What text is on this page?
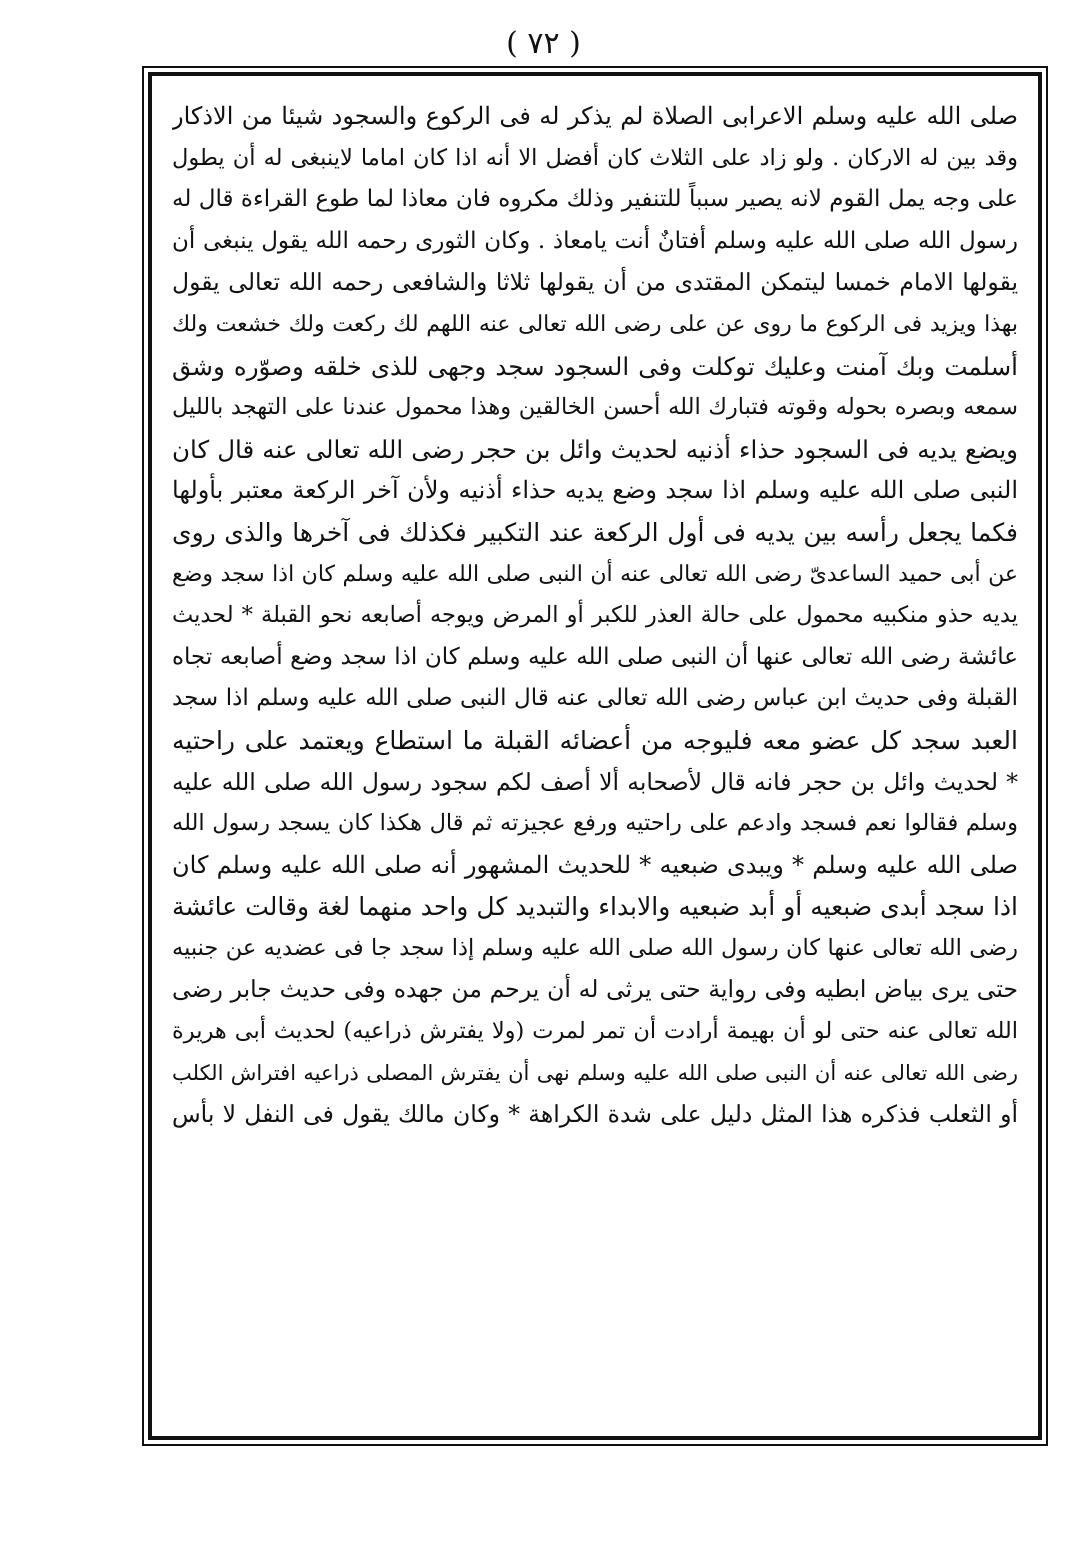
( ٧٢ )
صلى الله عليه وسلم الاعرابى الصلاة لم يذكر له فى الركوع والسجود شيئا من الاذكار
وقد بين له الاركان . ولو زاد على الثلاث كان أفضل الا أنه اذا كان اماما لاينبغى له أن يطول
على وجه يمل القوم لانه يصير سبباً للتنفير وذلك مكروه فان معاذا لما طوع القراءة قال له
رسول الله صلى الله عليه وسلم أفتانٌ أنت يامعاذ . وكان الثورى رحمه الله يقول ينبغى أن
يقولها الامام خمسا ليتمكن المقتدى من أن يقولها ثلاثا والشافعى رحمه الله تعالى يقول
بهذا ويزيد فى الركوع ما روى عن على رضى الله تعالى عنه اللهم لك ركعت ولك خشعت ولك
أسلمت وبك آمنت وعليك توكلت وفى السجود سجد وجهى للذى خلقه وصوّره وشق
سمعه وبصره بحوله وقوته فتبارك الله أحسن الخالقين وهذا محمول عندنا على التهجد بالليل
ويضع يديه فى السجود حذاء أذنيه لحديث وائل بن حجر رضى الله تعالى عنه قال كان
النبى صلى الله عليه وسلم اذا سجد وضع يديه حذاء أذنيه ولأن آخر الركعة معتبر بأولها
فكما يجعل رأسه بين يديه فى أول الركعة عند التكبير فكذلك فى آخرها والذى روى
عن أبى حميد الساعدىّ رضى الله تعالى عنه أن النبى صلى الله عليه وسلم كان اذا سجد وضع
يديه حذو منكبيه محمول على حالة العذر للكبر أو المرض ويوجه أصابعه نحو القبلة * لحديث
عائشة رضى الله تعالى عنها أن النبى صلى الله عليه وسلم كان اذا سجد وضع أصابعه تجاه
القبلة وفى حديث ابن عباس رضى الله تعالى عنه قال النبى صلى الله عليه وسلم اذا سجد
العبد سجد كل عضو معه فليوجه من أعضائه القبلة ما استطاع ويعتمد على راحتيه
* لحديث وائل بن حجر فانه قال لأصحابه ألا أصف لكم سجود رسول الله صلى الله عليه
وسلم فقالوا نعم فسجد وادعم على راحتيه ورفع عجيزته ثم قال هكذا كان يسجد رسول الله
صلى الله عليه وسلم * ويبدى ضبعيه * للحديث المشهور أنه صلى الله عليه وسلم كان
اذا سجد أبدى ضبعيه أو أبد ضبعيه والابداء والتبديد كل واحد منهما لغة وقالت عائشة
رضى الله تعالى عنها كان رسول الله صلى الله عليه وسلم إذا سجد جا فى عضديه عن جنبيه
حتى يرى بياض ابطيه وفى رواية حتى يرثى له أن يرحم من جهده وفى حديث جابر رضى
الله تعالى عنه حتى لو أن بهيمة أرادت أن تمر لمرت (ولا يفترش ذراعيه) لحديث أبى هريرة
رضى الله تعالى عنه أن النبى صلى الله عليه وسلم نهى أن يفترش المصلى ذراعيه افتراش الكلب
أو الثعلب فذكره هذا المثل دليل على شدة الكراهة * وكان مالك يقول فى النفل لا بأس
